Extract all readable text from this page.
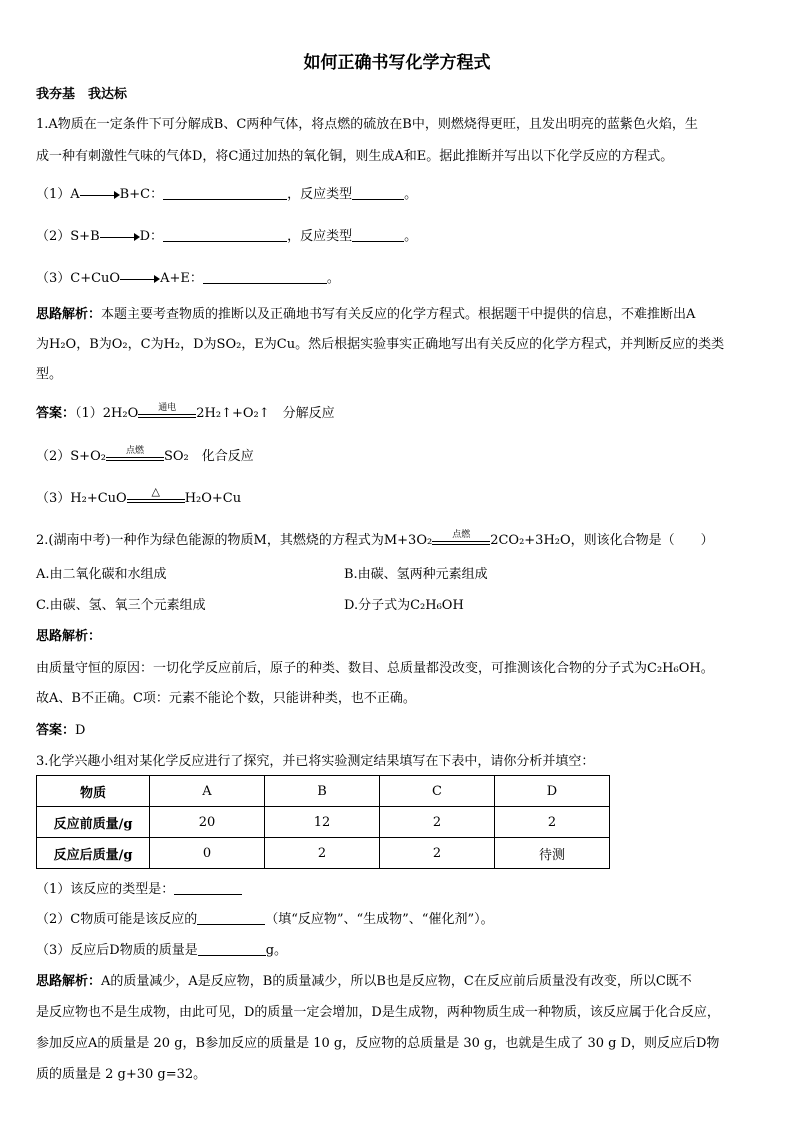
如何正确书写化学方程式
我夯基　我达标
1.A物质在一定条件下可分解成B、C两种气体，将点燃的硫放在B中，则燃烧得更旺，且发出明亮的蓝紫色火焰，生
成一种有刺激性气味的气体D，将C通过加热的氧化铜，则生成A和E。据此推断并写出以下化学反应的方程式。
（1）A	B+C：	，反应类型	。
（2）S+B	D：	，反应类型	。
（3）C+CuO	A+E：	。
思路解析：本题主要考查物质的推断以及正确地书写有关反应的化学方程式。根据题干中提供的信息，不难推断出A
为H₂O，B为O₂，C为H₂，D为SO₂，E为Cu。然后根据实验事实正确地写出有关反应的化学方程式，并判断反应的类类
型。
答案：（1）2H₂O	通电	2H₂↑+O₂↑　分解反应
（2）S+O₂	点燃	SO₂　化合反应
（3）H₂+CuO	△	H₂O+Cu
2.(湖南中考)一种作为绿色能源的物质M，其燃烧的方程式为M+3O₂	点燃	2CO₂+3H₂O，则该化合物是（　　）
A.由二氧化碳和水组成	B.由碳、氢两种元素组成
C.由碳、氢、氧三个元素组成	D.分子式为C₂H₆OH
思路解析：
由质量守恒的原因：一切化学反应前后，原子的种类、数目、总质量都没改变，可推测该化合物的分子式为C₂H₆OH。
故A、B不正确。C项：元素不能论个数，只能讲种类，也不正确。
答案：D
3.化学兴趣小组对某化学反应进行了探究，并已将实验测定结果填写在下表中，请你分析并填空：
物质	A	B	C	D
反应前质量/g	20	12	2	2
反应后质量/g	0	2	2	待测
（1）该反应的类型是：
（2）C物质可能是该反应的	（填“反应物”、“生成物”、“催化剂”）。
（3）反应后D物质的质量是	g。
思路解析：A的质量减少，A是反应物，B的质量减少，所以B也是反应物，C在反应前后质量没有改变，所以C既不
是反应物也不是生成物，由此可见，D的质量一定会增加，D是生成物，两种物质生成一种物质，该反应属于化合反应，
参加反应A的质量是 20 g，B参加反应的质量是 10 g，反应物的总质量是 30 g，也就是生成了 30 g D，则反应后D物
质的质量是 2 g+30 g=32。
